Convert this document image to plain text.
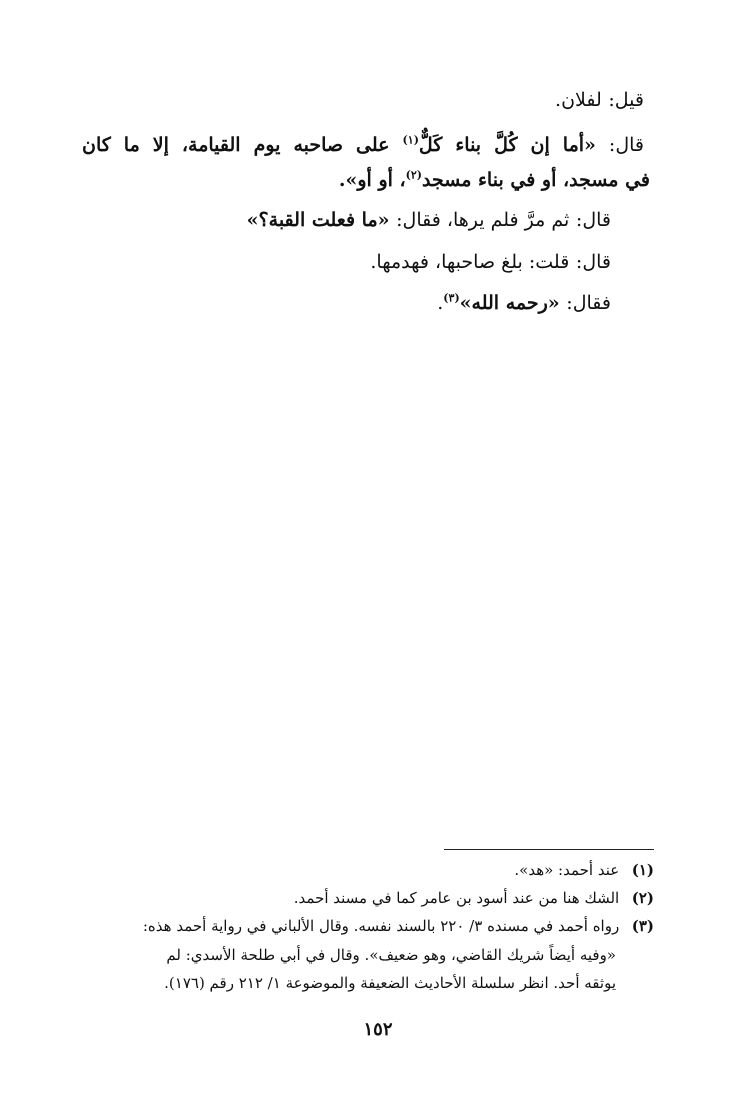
قيل: لفلان.
قال: «أما إن كُلَّ بناء كَلٌّ$^{(١)}$ على صاحبه يوم القيامة، إلا ما كان
في مسجد، أو في بناء مسجد$^{(٢)}$، أو أو».
قال: ثم مرَّ فلم يرها، فقال: «ما فعلت القبة؟»
قال: قلت: بلغ صاحبها، فهدمها.
فقال: «رحمه الله»$^{(٣)}$.
(١) عند أحمد: «هد».
(٢) الشك هنا من عند أسود بن عامر كما في مسند أحمد.
(٣) رواه أحمد في مسنده ٣/ ٢٢٠ بالسند نفسه. وقال الألباني في رواية أحمد هذه:
«وفيه أيضاً شريك القاضي، وهو ضعيف». وقال في أبي طلحة الأسدي: لم
يوثقه أحد. انظر سلسلة الأحاديث الضعيفة والموضوعة ١/ ٢١٢ رقم (١٧٦).
١٥٢
